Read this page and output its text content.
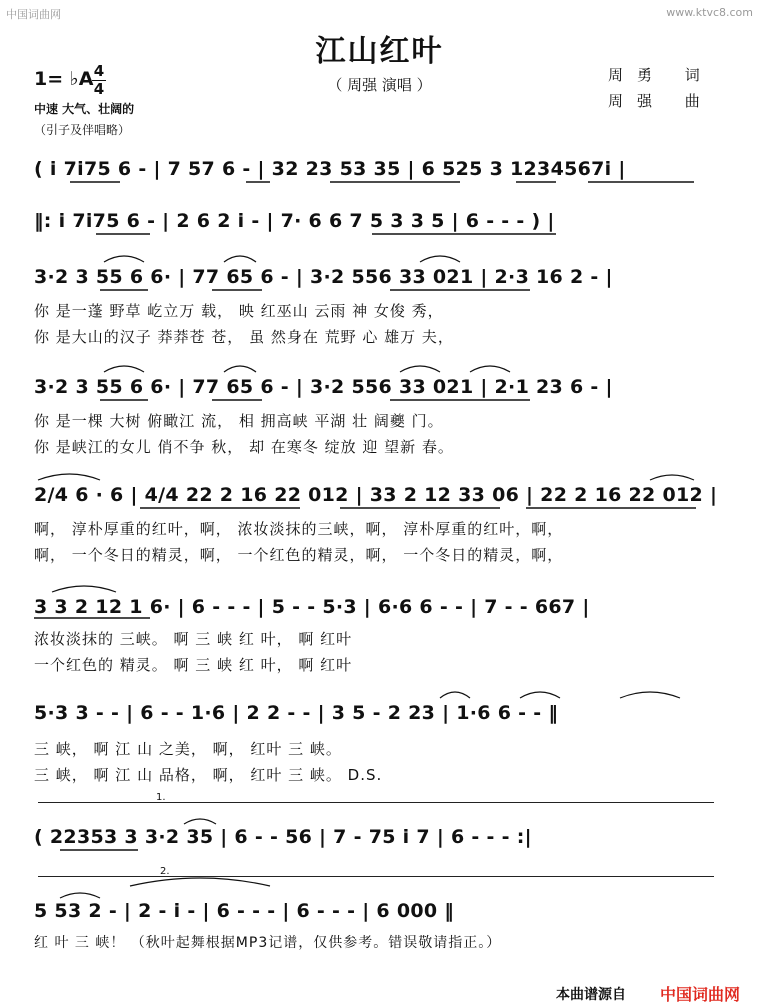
中国词曲网	www.ktvc8.com
江山红叶
（ 周强 演唱 ）
周勇 词
周强 曲
1= ♭A 4
4
中速 大气、壮阔的
（引子及伴唱略）
( i 7i75 6 - | 7 57 6 - | 32 23 53 35 | 6 525 3 1234567i |
‖: i 7i75 6 - | 2 6 2 i - | 7· 6 6 7 5 3 3 5 | 6 - - - ) |
3·2 3 55 6 6· | 77 65 6 - | 3·2 556 33 021 | 2·3 16 2 - |
你 是一蓬 野草 屹立万 载， 映 红巫山 云雨 神 女俊 秀，
你 是大山的汉子 莽莽苍 苍， 虽 然身在 荒野 心 雄万 夫，
3·2 3 55 6 6· | 77 65 6 - | 3·2 556 33 021 | 2·1 23 6 - |
你 是一棵 大树 俯瞰江 流， 相 拥高峡 平湖 壮 阔夔 门。
你 是峡江的女儿 俏不争 秋， 却 在寒冬 绽放 迎 望新 春。
2/4 6 · 6 | 4/4 22 2 16 22 012 | 33 2 12 33 06 | 22 2 16 22 012 |
啊， 淳朴厚重的红叶，啊， 浓妆淡抹的三峡，啊， 淳朴厚重的红叶，啊，
啊， 一个冬日的精灵，啊， 一个红色的精灵，啊， 一个冬日的精灵，啊，
3 3 2 12 1 6· | 6 - - - | 5 - - 5·3 | 6·6 6 - - | 7 - - 667 |
浓妆淡抹的 三峡。 啊 三 峡 红 叶， 啊 红叶
一个红色的 精灵。 啊 三 峡 红 叶， 啊 红叶
5·3 3 - - | 6 - - 1·6 | 2 2 - - | 3 5 - 2 23 | 1·6 6 - - ‖
三 峡， 啊 江 山 之美， 啊， 红叶 三 峡。
三 峡， 啊 江 山 品格， 啊， 红叶 三 峡。 D.S.
1.
( 22353 3 3·2 35 | 6 - - 56 | 7 - 75 i 7 | 6 - - - :|
2.
5 53 2 - | 2 - i - | 6 - - - | 6 - - - | 6 000 ‖
红 叶 三 峡！ （秋叶起舞根据MP3记谱，仅供参考。错误敬请指正。）
本曲谱源自 中国词曲网
